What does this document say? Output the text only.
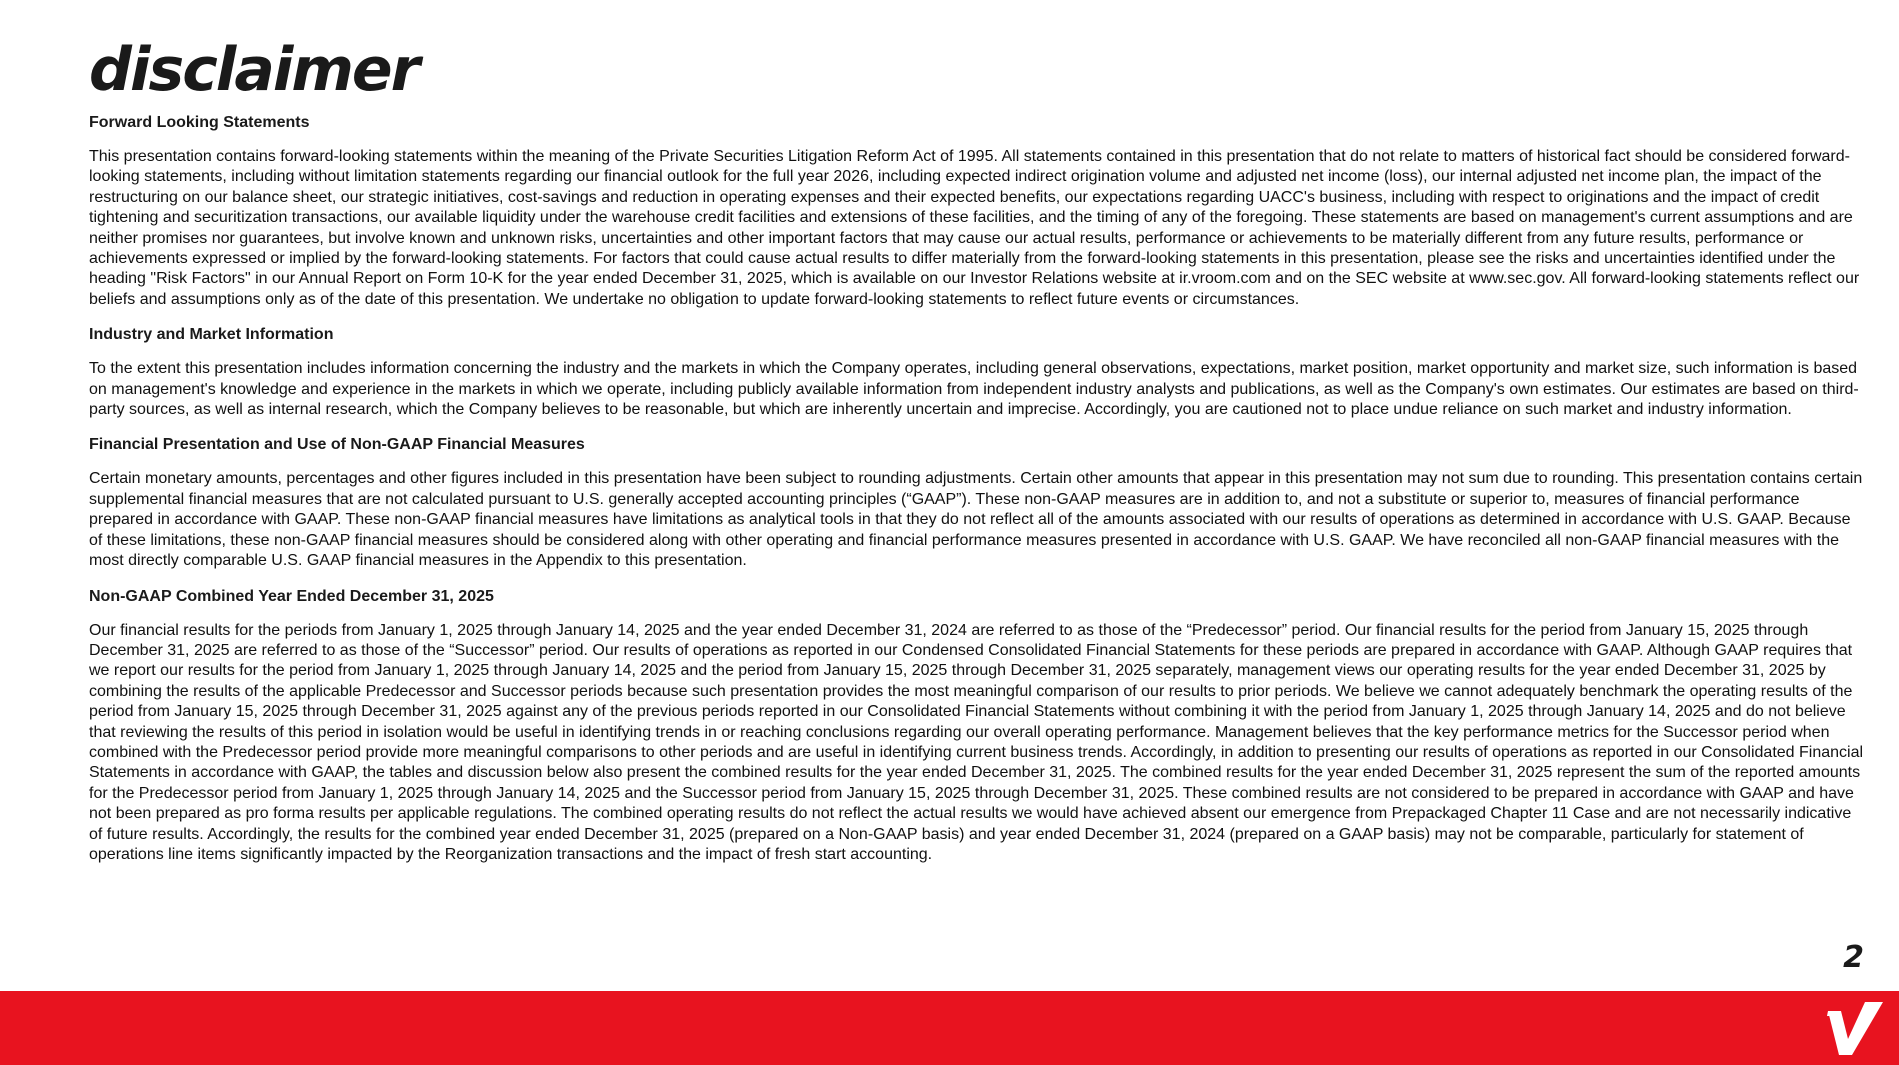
disclaimer
Forward Looking Statements

This presentation contains forward-looking statements within the meaning of the Private Securities Litigation Reform Act of 1995. All statements contained in this presentation that do not relate to matters of historical fact should be considered forward-looking statements, including without limitation statements regarding our financial outlook for the full year 2026, including expected indirect origination volume and adjusted net income (loss), our internal adjusted net income plan, the impact of the restructuring on our balance sheet, our strategic initiatives, cost-savings and reduction in operating expenses and their expected benefits, our expectations regarding UACC's business, including with respect to originations and the impact of credit tightening and securitization transactions, our available liquidity under the warehouse credit facilities and extensions of these facilities, and the timing of any of the foregoing. These statements are based on management's current assumptions and are neither promises nor guarantees, but involve known and unknown risks, uncertainties and other important factors that may cause our actual results, performance or achievements to be materially different from any future results, performance or achievements expressed or implied by the forward-looking statements. For factors that could cause actual results to differ materially from the forward-looking statements in this presentation, please see the risks and uncertainties identified under the heading "Risk Factors" in our Annual Report on Form 10-K for the year ended December 31, 2025, which is available on our Investor Relations website at ir.vroom.com and on the SEC website at www.sec.gov. All forward-looking statements reflect our beliefs and assumptions only as of the date of this presentation. We undertake no obligation to update forward-looking statements to reflect future events or circumstances.

Industry and Market Information

To the extent this presentation includes information concerning the industry and the markets in which the Company operates, including general observations, expectations, market position, market opportunity and market size, such information is based on management's knowledge and experience in the markets in which we operate, including publicly available information from independent industry analysts and publications, as well as the Company's own estimates. Our estimates are based on third-party sources, as well as internal research, which the Company believes to be reasonable, but which are inherently uncertain and imprecise. Accordingly, you are cautioned not to place undue reliance on such market and industry information.

Financial Presentation and Use of Non-GAAP Financial Measures

Certain monetary amounts, percentages and other figures included in this presentation have been subject to rounding adjustments. Certain other amounts that appear in this presentation may not sum due to rounding. This presentation contains certain supplemental financial measures that are not calculated pursuant to U.S. generally accepted accounting principles (“GAAP”). These non-GAAP measures are in addition to, and not a substitute or superior to, measures of financial performance prepared in accordance with GAAP. These non-GAAP financial measures have limitations as analytical tools in that they do not reflect all of the amounts associated with our results of operations as determined in accordance with U.S. GAAP. Because of these limitations, these non-GAAP financial measures should be considered along with other operating and financial performance measures presented in accordance with U.S. GAAP. We have reconciled all non-GAAP financial measures with the most directly comparable U.S. GAAP financial measures in the Appendix to this presentation.

Non-GAAP Combined Year Ended December 31, 2025

Our financial results for the periods from January 1, 2025 through January 14, 2025 and the year ended December 31, 2024 are referred to as those of the “Predecessor” period. Our financial results for the period from January 15, 2025 through December 31, 2025 are referred to as those of the “Successor” period. Our results of operations as reported in our Condensed Consolidated Financial Statements for these periods are prepared in accordance with GAAP. Although GAAP requires that we report our results for the period from January 1, 2025 through January 14, 2025 and the period from January 15, 2025 through December 31, 2025 separately, management views our operating results for the year ended December 31, 2025 by combining the results of the applicable Predecessor and Successor periods because such presentation provides the most meaningful comparison of our results to prior periods. We believe we cannot adequately benchmark the operating results of the period from January 15, 2025 through December 31, 2025 against any of the previous periods reported in our Consolidated Financial Statements without combining it with the period from January 1, 2025 through January 14, 2025 and do not believe that reviewing the results of this period in isolation would be useful in identifying trends in or reaching conclusions regarding our overall operating performance. Management believes that the key performance metrics for the Successor period when combined with the Predecessor period provide more meaningful comparisons to other periods and are useful in identifying current business trends. Accordingly, in addition to presenting our results of operations as reported in our Consolidated Financial Statements in accordance with GAAP, the tables and discussion below also present the combined results for the year ended December 31, 2025. The combined results for the year ended December 31, 2025 represent the sum of the reported amounts for the Predecessor period from January 1, 2025 through January 14, 2025 and the Successor period from January 15, 2025 through December 31, 2025. These combined results are not considered to be prepared in accordance with GAAP and have not been prepared as pro forma results per applicable regulations. The combined operating results do not reflect the actual results we would have achieved absent our emergence from Prepackaged Chapter 11 Case and are not necessarily indicative of future results. Accordingly, the results for the combined year ended December 31, 2025 (prepared on a Non-GAAP basis) and year ended December 31, 2024 (prepared on a GAAP basis) may not be comparable, particularly for statement of operations line items significantly impacted by the Reorganization transactions and the impact of fresh start accounting.

2
